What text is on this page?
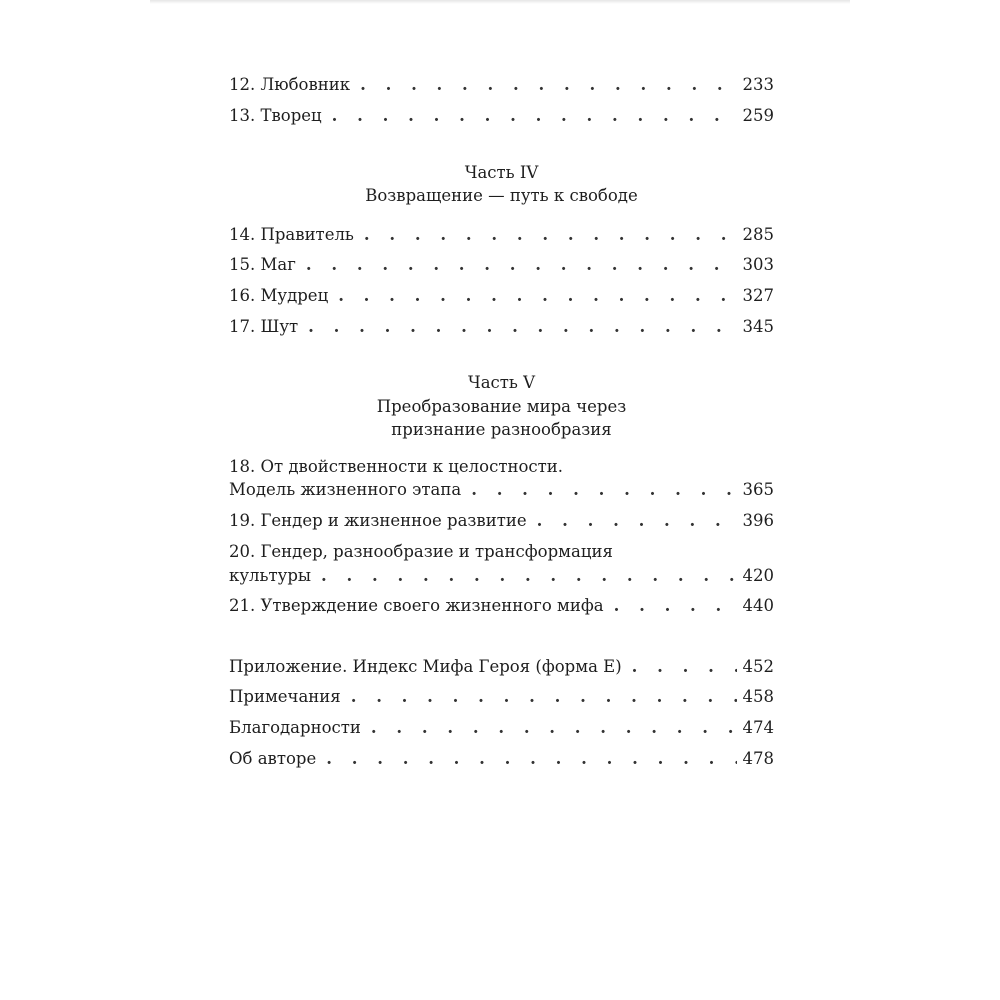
12. Любовник . . .	233
13. Творец . . .	259
Часть IV
Возвращение — путь к свободе
14. Правитель . . .	285
15. Маг . . .	303
16. Мудрец . . .	327
17. Шут . . .	345
Часть V
Преобразование мира через
признание разнообразия
18. От двойственности к целостности.
Модель жизненного этапа . . .	365
19. Гендер и жизненное развитие . . .	396
20. Гендер, разнообразие и трансформация
культуры . . .	420
21. Утверждение своего жизненного мифа . . .	440
Приложение. Индекс Мифа Героя (форма Е) . . .	452
Примечания . . .	458
Благодарности . . .	474
Об авторе . . .	478
